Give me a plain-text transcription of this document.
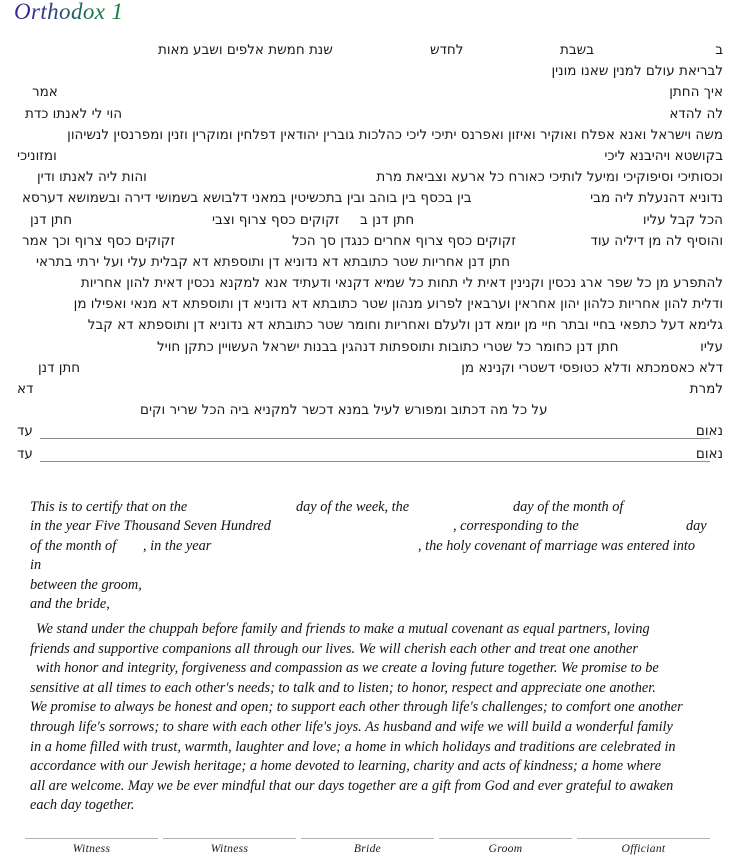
Orthodox 1
ב
בשבת
לחדש
שנת חמשת אלפים ושבע מאות
לבריאת עולם למנין שאנו מונין
איך החתן
אמר
לה להדא
הוי לי לאנתו כדת
משה וישראל ואנא אפלח ואוקיר ואיזון ואפרנס יתיכי ליכי כהלכות גוברין יהודאין דפלחין ומוקרין וזנין ומפרנסין לנשיהון
בקושטא ויהיבנא ליכי
ומזוניכי
וכסותיכי וסיפוקיכי ומיעל לותיכי כאורח כל ארעא וצביאת מרת
והות ליה לאנתו ודין
נדוניא דהנעלת ליה מבי
בין בכסף בין בוהב ובין בתכשיטין במאני דלבושא בשמושי דירה ובשמושא דערסא
הכל קבל עליו
חתן דנן ב
זקוקים כסף צרוף וצבי
חתן דנן
והוסיף לה מן דיליה עוד
זקוקים כסף צרוף אחרים כנגדן סך הכל
זקוקים כסף צרוף וכך אמר
חתן דנן אחריות שטר כתובתא דא נדוניא דן ותוספתא דא קבלית עלי ועל ירתי בתראי
להתפרע מן כל שפר ארג נכסין וקנינין דאית לי תחות כל שמיא דקנאי ודעתיד אנא למקנא נכסין דאית להון אחריות
ודלית להון אחריות כלהון יהון אחראין וערבאין לפרוע מנהון שטר כתובתא דא נדוניא דן ותוספתא דא מנאי ואפילו מן
גלימא דעל כתפאי בחיי ובתר חיי מן יומא דנן ולעלם ואחריות וחומר שטר כתובתא דא נדוניא דן ותוספתא דא קבל
עליו
חתן דנן כחומר כל שטרי כתובות ותוספתות דנהגין בבנות ישראל העשויין כתקן חויל
דלא כאסמכתא ודלא כטופסי דשטרי וקנינא מן
חתן דנן
למרת
דא
על כל מה דכתוב ומפורש לעיל במנא דכשר למקניא ביה הכל שריר וקים
נאום
עד
נאום
עד
This is to certify that on the	day of the week, the	day of the month of
in the year Five Thousand Seven Hundred	, corresponding to the	day
of the month of , in the year	, the holy covenant of marriage was entered into
in
between the groom,
and the bride,
We stand under the chuppah before family and friends to make a mutual covenant as equal partners, loving
friends and supportive companions all through our lives. We will cherish each other and treat one another
with honor and integrity, forgiveness and compassion as we create a loving future together. We promise to be
sensitive at all times to each other's needs; to talk and to listen; to honor, respect and appreciate one another.
We promise to always be honest and open; to support each other through life's challenges; to comfort one another
through life's sorrows; to share with each other life's joys. As husband and wife we will build a wonderful family
in a home filled with trust, warmth, laughter and love; a home in which holidays and traditions are celebrated in
accordance with our Jewish heritage; a home devoted to learning, charity and acts of kindness; a home where
all are welcome. May we be ever mindful that our days together are a gift from God and ever grateful to awaken
each day together.
Witness	Witness	Bride	Groom	Officiant
